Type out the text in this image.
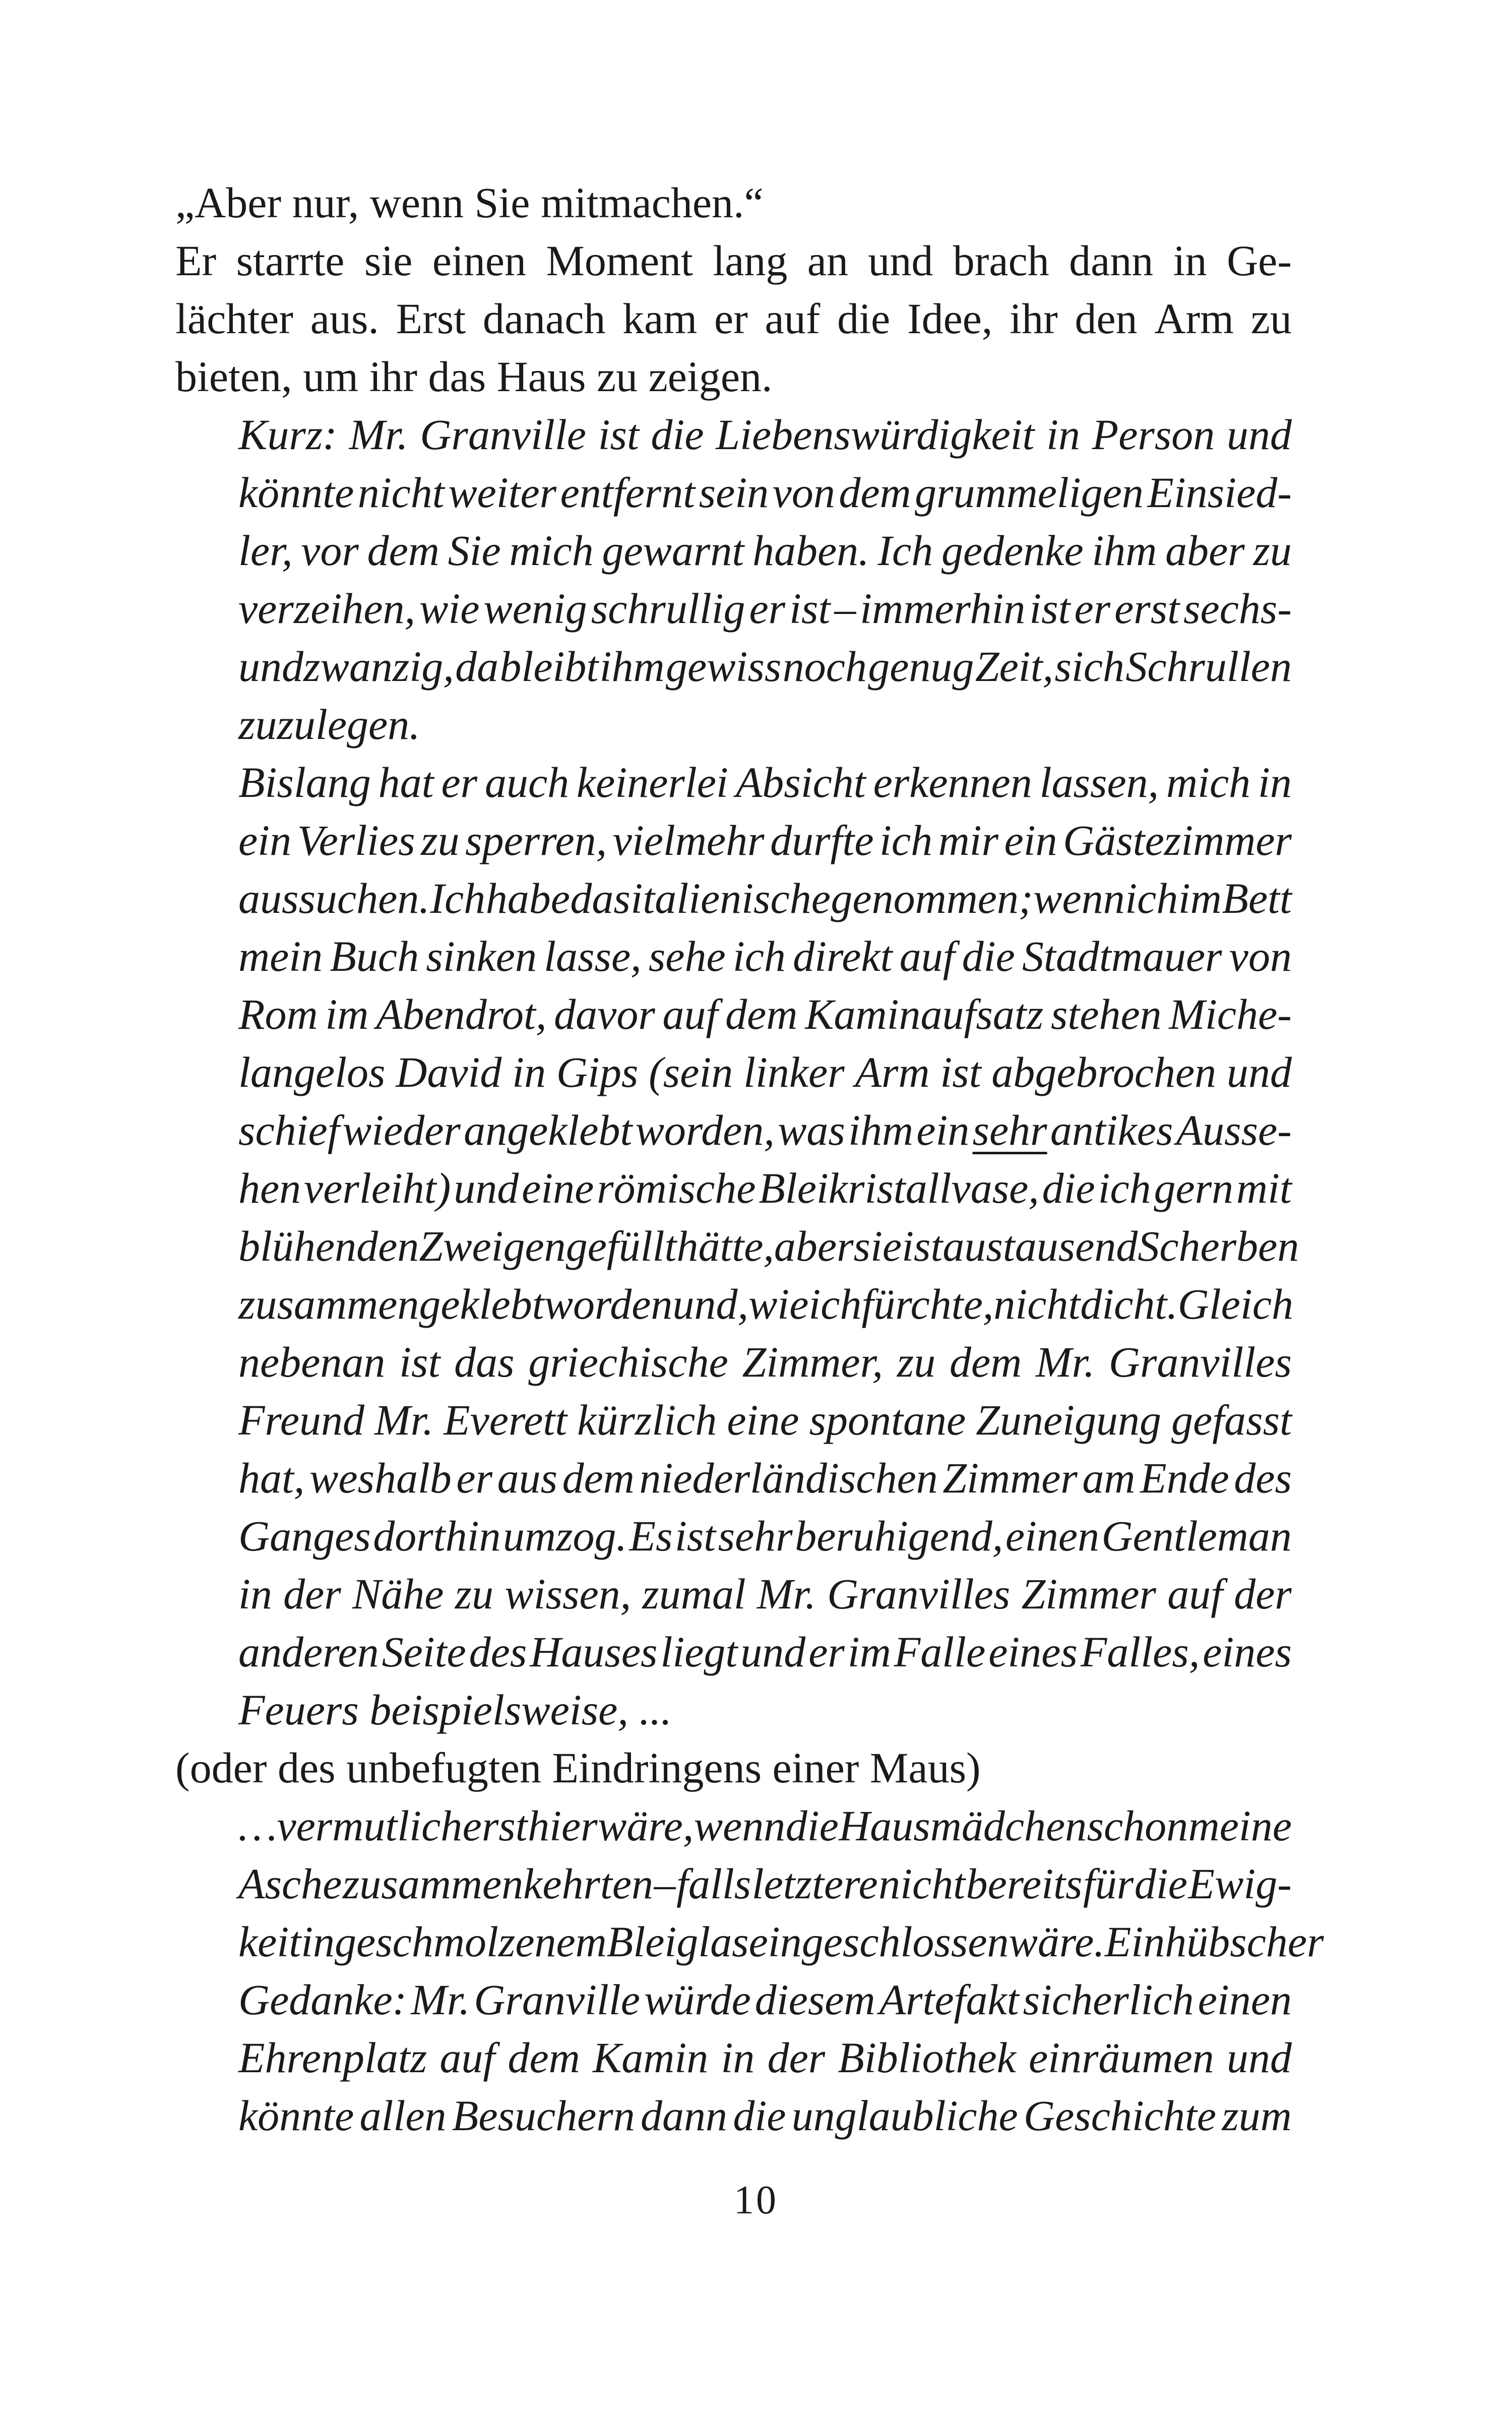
„Aber nur, wenn Sie mitmachen.“
Er starrte sie einen Moment lang an und brach dann in Ge-
lächter aus. Erst danach kam er auf die Idee, ihr den Arm zu
bieten, um ihr das Haus zu zeigen.
Kurz: Mr. Granville ist die Liebenswürdigkeit in Person und
könnte nicht weiter entfernt sein von dem grummeligen Einsied-
ler, vor dem Sie mich gewarnt haben. Ich gedenke ihm aber zu
verzeihen, wie wenig schrullig er ist – immerhin ist er erst sechs-
undzwanzig, da bleibt ihm gewiss noch genug Zeit, sich Schrullen
zuzulegen.
Bislang hat er auch keinerlei Absicht erkennen lassen, mich in
ein Verlies zu sperren, vielmehr durfte ich mir ein Gästezimmer
aussuchen. Ich habe das italienische genommen; wenn ich im Bett
mein Buch sinken lasse, sehe ich direkt auf die Stadtmauer von
Rom im Abendrot, davor auf dem Kaminaufsatz stehen Miche-
langelos David in Gips (sein linker Arm ist abgebrochen und
schief wieder angeklebt worden, was ihm ein sehr antikes Ausse-
hen verleiht) und eine römische Bleikristallvase, die ich gern mit
blühenden Zweigen gefüllt hätte, aber sie ist aus tausend Scherben
zusammengeklebt worden und, wie ich fürchte, nicht dicht. Gleich
nebenan ist das griechische Zimmer, zu dem Mr. Granvilles
Freund Mr. Everett kürzlich eine spontane Zuneigung gefasst
hat, weshalb er aus dem niederländischen Zimmer am Ende des
Ganges dorthin umzog. Es ist sehr beruhigend, einen Gentleman
in der Nähe zu wissen, zumal Mr. Granvilles Zimmer auf der
anderen Seite des Hauses liegt und er im Falle eines Falles, eines
Feuers beispielsweise, ...
(oder des unbefugten Eindringens einer Maus)
…vermutlich erst hier wäre, wenn die Hausmädchen schon meine
Asche zusammenkehrten – falls letztere nicht bereits für die Ewig-
keit in geschmolzenem Bleiglas eingeschlossen wäre. Ein hübscher
Gedanke: Mr. Granville würde diesem Artefakt sicherlich einen
Ehrenplatz auf dem Kamin in der Bibliothek einräumen und
könnte allen Besuchern dann die unglaubliche Geschichte zum
10
